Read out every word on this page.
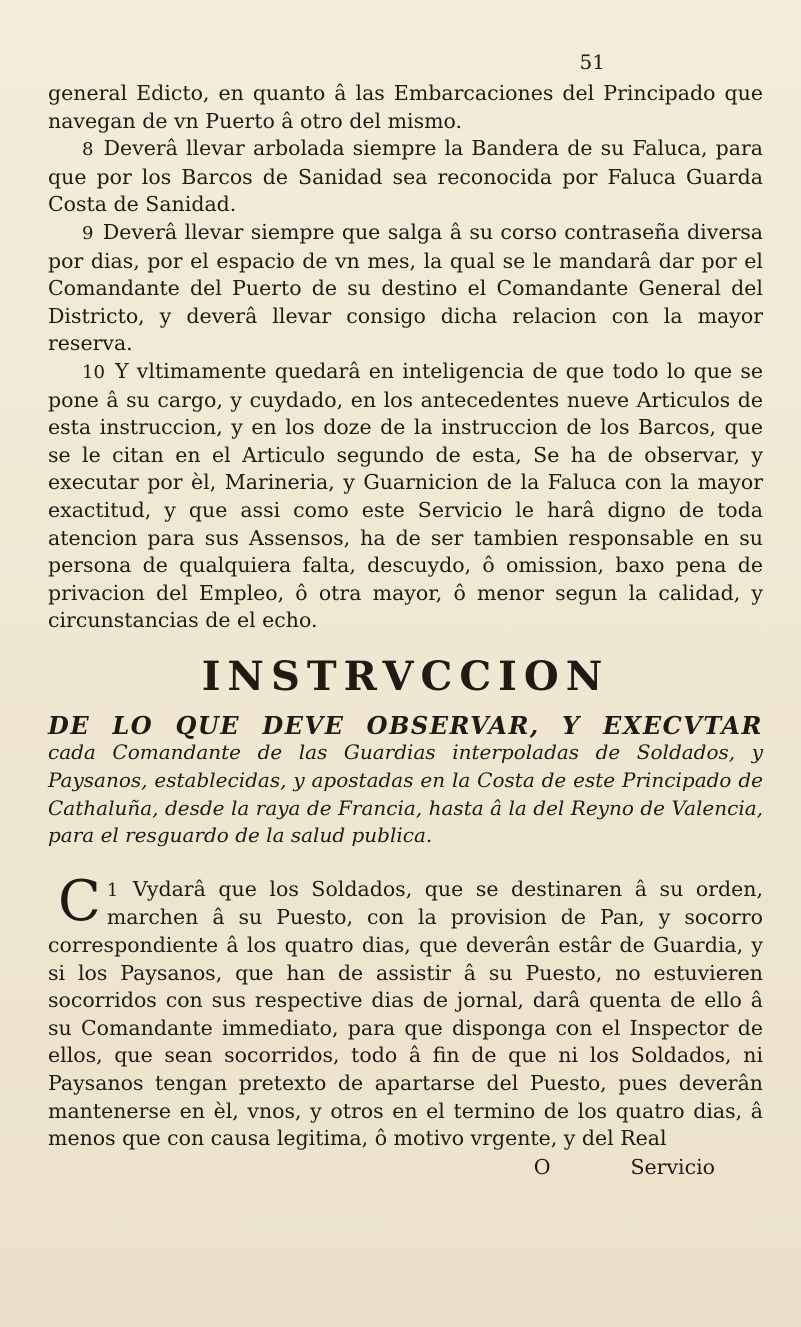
51

general Edicto, en quanto â las Embarcaciones del Principado que navegan de vn Puerto â otro del mismo.

8 Deverâ llevar arbolada siempre la Bandera de su Faluca, para que por los Barcos de Sanidad sea reconocida por Faluca Guarda Costa de Sanidad.

9 Deverâ llevar siempre que salga â su corso contraseña diversa por dias, por el espacio de vn mes, la qual se le mandarâ dar por el Comandante del Puerto de su destino el Comandante General del Districto, y deverâ llevar consigo dicha relacion con la mayor reserva.

10 Y vltimamente quedarâ en inteligencia de que todo lo que se pone â su cargo, y cuydado, en los antecedentes nueve Articulos de esta instruccion, y en los doze de la instruccion de los Barcos, que se le citan en el Articulo segundo de esta, Se ha de observar, y executar por èl, Marineria, y Guarnicion de la Faluca con la mayor exactitud, y que assi como este Servicio le harâ digno de toda atencion para sus Assensos, ha de ser tambien responsable en su persona de qualquiera falta, descuydo, ô omission, baxo pena de privacion del Empleo, ô otra mayor, ô menor segun la calidad, y circunstancias de el echo.

INSTRVCCION

DE LO QUE DEVE OBSERVAR, Y EXECVTAR

cada Comandante de las Guardias interpoladas de Soldados, y Paysanos, establecidas, y apostadas en la Costa de este Principado de Cathaluña, desde la raya de Francia, hasta â la del Reyno de Valencia, para el resguardo de la salud publica.

1
C Vydarâ que los Soldados, que se destinaren â su orden, marchen â su Puesto, con la provision de Pan, y socorro correspondiente â los quatro dias, que deverân estâr de Guardia, y si los Paysanos, que han de assistir â su Puesto, no estuvieren socorridos con sus respective dias de jornal, darâ quenta de ello â su Comandante immediato, para que disponga con el Inspector de ellos, que sean socorridos, todo â fin de que ni los Soldados, ni Paysanos tengan pretexto de apartarse del Puesto, pues deverân mantenerse en èl, vnos, y otros en el termino de los quatro dias, â menos que con causa legitima, ô motivo vrgente, y del Real

O	Servicio
